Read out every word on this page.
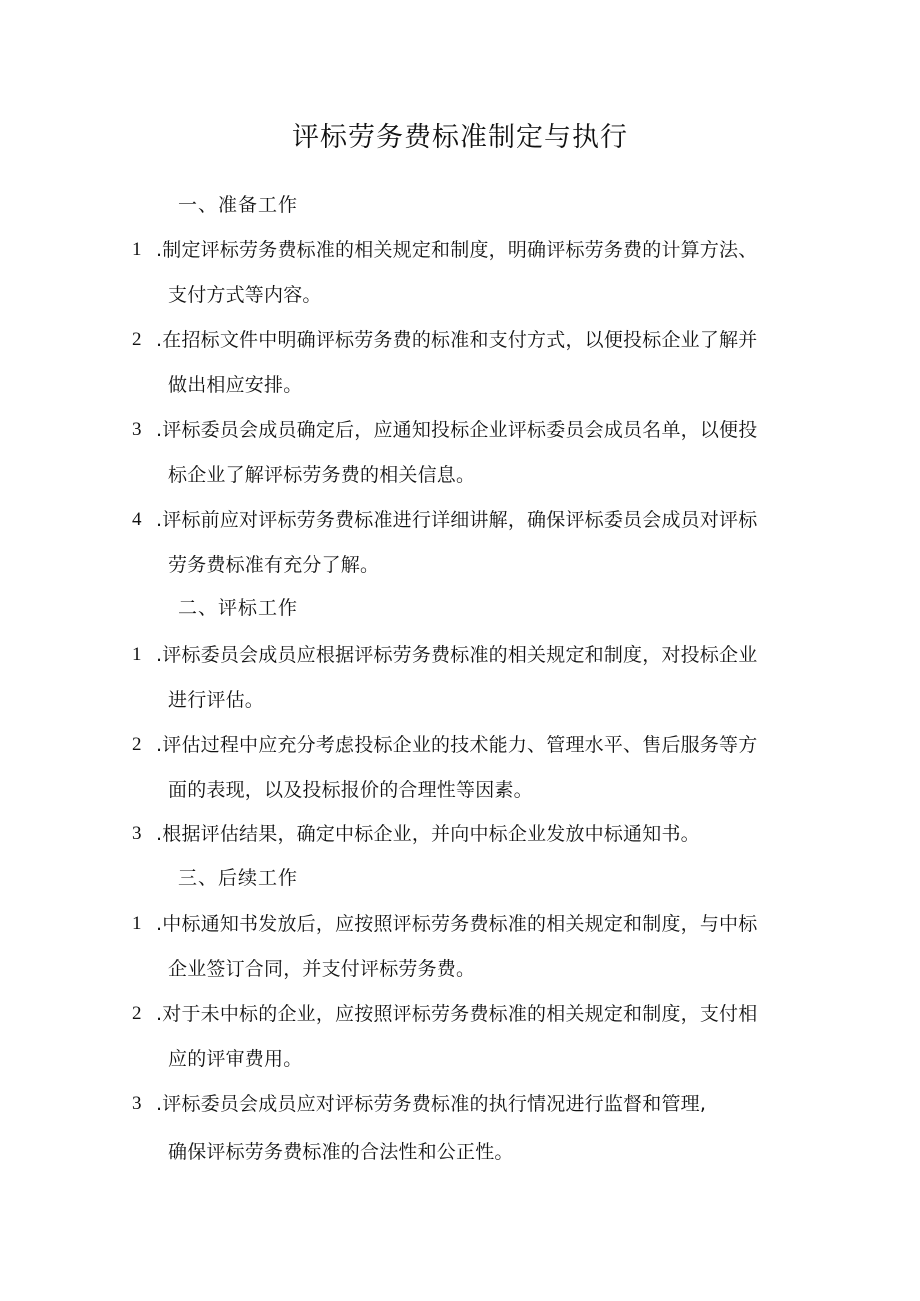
评标劳务费标准制定与执行
一、准备工作
1 .制定评标劳务费标准的相关规定和制度，明确评标劳务费的计算方法、
支付方式等内容。
2 .在招标文件中明确评标劳务费的标准和支付方式，以便投标企业了解并
做出相应安排。
3 .评标委员会成员确定后，应通知投标企业评标委员会成员名单，以便投
标企业了解评标劳务费的相关信息。
4 .评标前应对评标劳务费标准进行详细讲解，确保评标委员会成员对评标
劳务费标准有充分了解。
二、评标工作
1 .评标委员会成员应根据评标劳务费标准的相关规定和制度，对投标企业
进行评估。
2 .评估过程中应充分考虑投标企业的技术能力、管理水平、售后服务等方
面的表现，以及投标报价的合理性等因素。
3 .根据评估结果，确定中标企业，并向中标企业发放中标通知书。
三、后续工作
1 .中标通知书发放后，应按照评标劳务费标准的相关规定和制度，与中标
企业签订合同，并支付评标劳务费。
2 .对于未中标的企业，应按照评标劳务费标准的相关规定和制度，支付相
应的评审费用。
3 .评标委员会成员应对评标劳务费标准的执行情况进行监督和管理,
确保评标劳务费标准的合法性和公正性。
